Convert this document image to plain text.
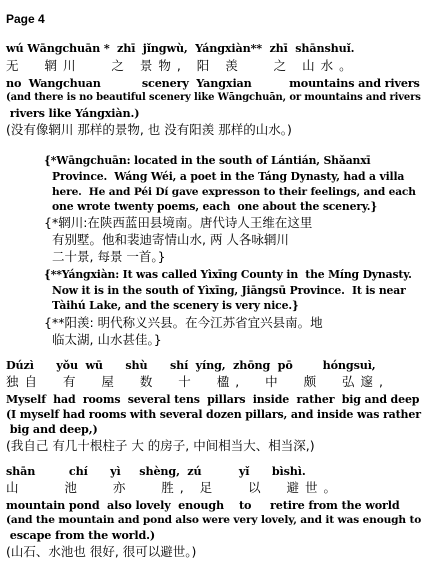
Page 4
wú Wāngchuān *  zhī  jǐngwù,  Yángxiàn**  zhī  shānshuǐ.
无  辋川   之 景物, 阳 羡   之 山水。
no  Wangchuan           scenery  Yangxian          mountains and rivers
(and there is no beautiful scenery like Wāngchuān, or mountains and rivers
rivers like Yángxiàn.)
(没有像辋川 那样的景物, 也 没有阳羡 那样的山水。)
{*Wāngchuān: located in the south of Lántián, Shǎanxī
Province.  Wáng Wéi, a poet in the Táng Dynasty, had a villa
here.  He and Péi Dí gave expresson to their feelings, and each
one wrote twenty poems, each  one about the scenery.}
{*辋川:在陕西蓝田县境南。唐代诗人王维在这里
有别墅。他和裴迪寄情山水, 两 人各咏辋川
二十景, 每景 一首。}
{**Yángxiàn: It was called Yìxīng County in  the Míng Dynasty.
Now it is in the south of Yìxīng, Jiāngsū Province.  It is near
Tàihú Lake, and the scenery is very nice.}
{**阳羡: 明代称义兴县。在今江苏省宜兴县南。地
临太湖, 山水甚佳。}
Dúzì      yǒu  wū      shù      shí  yíng,  zhōng  pō        hóngsuì,
独自  有  屋  数  十  楹,  中  颇  弘邃,
Myself  had  rooms  several tens  pillars  inside  rather  big and deep
(I myself had rooms with several dozen pillars, and inside was rather
big and deep,)
(我自己 有几十根柱子 大 的房子, 中间相当大、相当深,)
shān         chí      yì     shèng,  zú          yǐ      bìshì.
山    池   亦   胜, 足   以  避世。
mountain pond  also lovely  enough    to     retire from the world
(and the mountain and pond also were very lovely, and it was enough to
escape from the world.)
(山石、水池也 很好, 很可以避世。)
